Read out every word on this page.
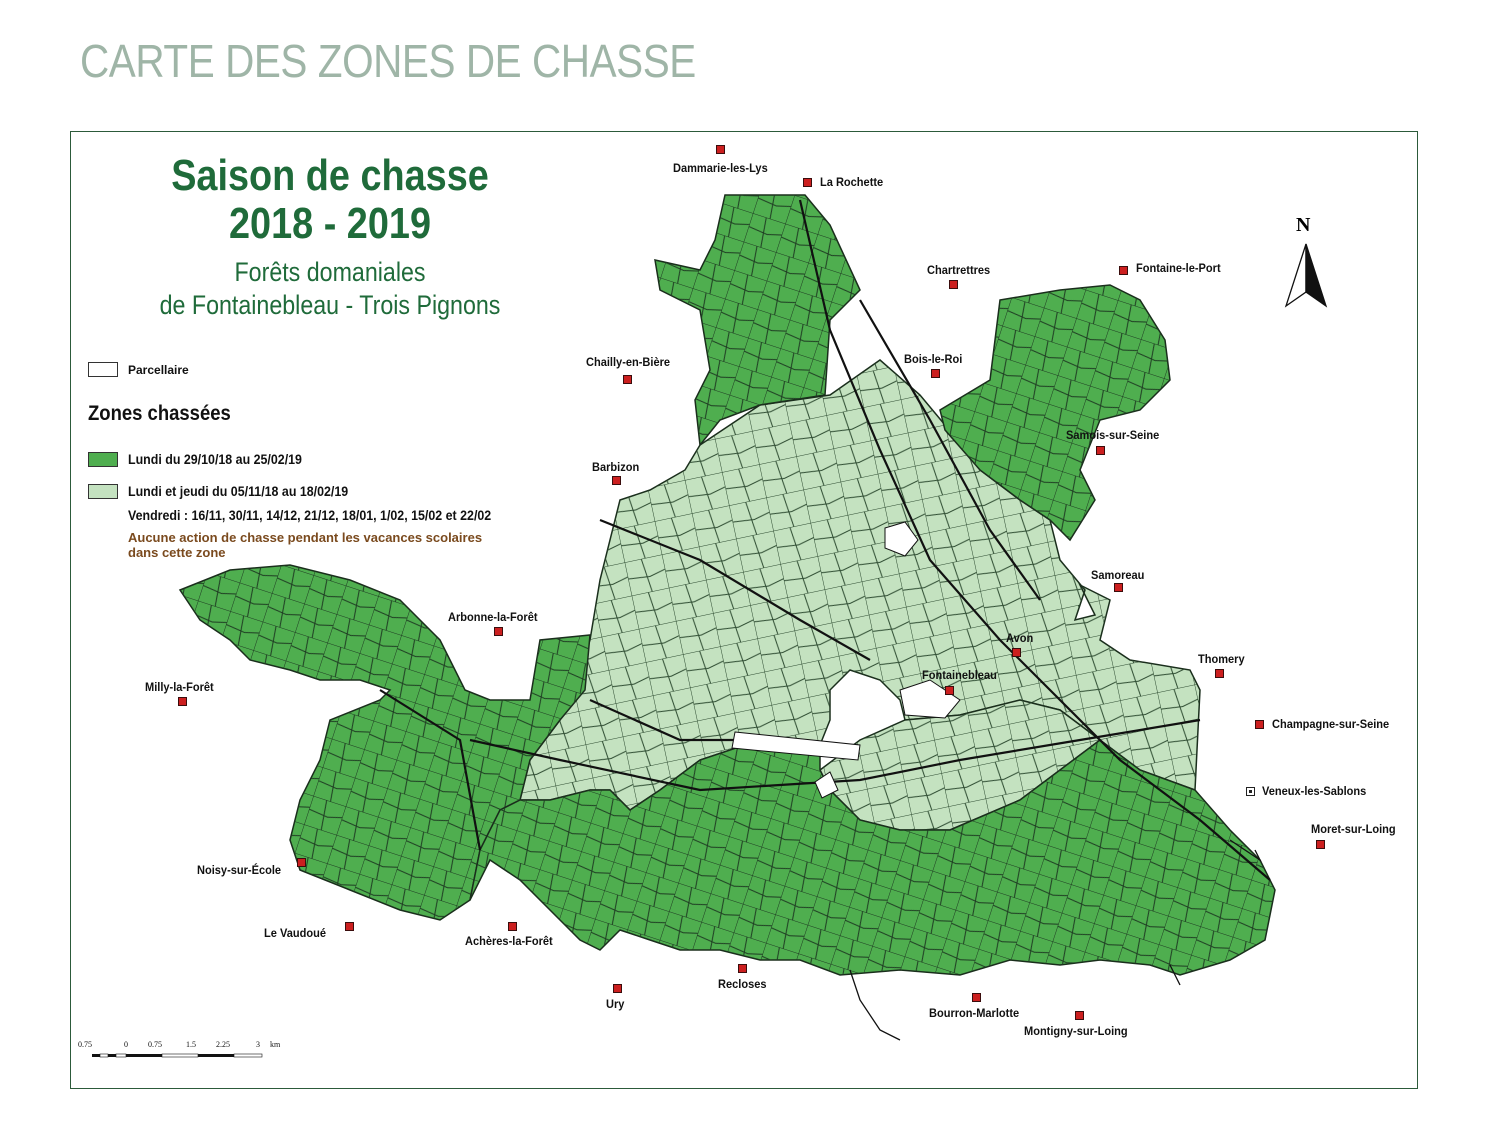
CARTE DES ZONES DE CHASSE
Saison de chasse
2018 - 2019
Forêts domaniales
de Fontainebleau - Trois Pignons
Parcellaire
Zones chassées
Lundi du 29/10/18 au 25/02/19
Lundi et jeudi du 05/11/18 au 18/02/19
Vendredi : 16/11, 30/11, 14/12, 21/12, 18/01, 1/02, 15/02 et 22/02
Aucune action de chasse pendant les vacances scolaires
dans cette zone
Dammarie-les-Lys
La Rochette
Chartrettres	Fontaine-le-Port
Chailly-en-Bière	Bois-le-Roi
Samois-sur-Seine
Barbizon
Samoreau
Arbonne-la-Forêt
Avon
Thomery
Fontainebleau
Milly-la-Forêt
Champagne-sur-Seine
Veneux-les-Sablons
Moret-sur-Loing
Noisy-sur-École
Le Vaudoué
Achères-la-Forêt
Recloses
Ury
Bourron-Marlotte
Montigny-sur-Loing
N
0.75	0	0.75	1.5	2.25	3 km
